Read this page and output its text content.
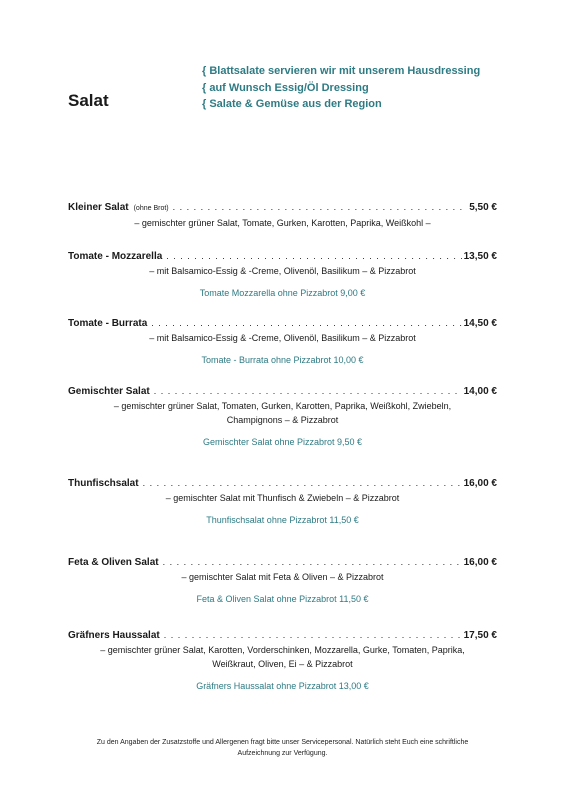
Salat
{ Blattsalate servieren wir mit unserem Hausdressing
{ auf Wunsch Essig/Öl Dressing
{ Salate & Gemüse aus der Region
Kleiner Salat (ohne Brot) . . .	5,50 €
– gemischter grüner Salat, Tomate, Gurken, Karotten, Paprika, Weißkohl –
Tomate - Mozzarella . . .	13,50 €
– mit Balsamico-Essig & -Creme, Olivenöl, Basilikum – & Pizzabrot
Tomate Mozzarella ohne Pizzabrot 9,00 €
Tomate - Burrata . . .	14,50 €
– mit Balsamico-Essig & -Creme, Olivenöl, Basilikum – & Pizzabrot
Tomate - Burrata ohne Pizzabrot 10,00 €
Gemischter Salat . . .	14,00 €
– gemischter grüner Salat, Tomaten, Gurken, Karotten, Paprika, Weißkohl, Zwiebeln, Champignons – & Pizzabrot
Gemischter Salat ohne Pizzabrot 9,50 €
Thunfischsalat . . .	16,00 €
– gemischter Salat mit Thunfisch & Zwiebeln – & Pizzabrot
Thunfischsalat ohne Pizzabrot 11,50 €
Feta & Oliven Salat . . .	16,00 €
– gemischter Salat mit Feta & Oliven – & Pizzabrot
Feta & Oliven Salat ohne Pizzabrot 11,50 €
Gräfners Haussalat . . .	17,50 €
– gemischter grüner Salat, Karotten, Vorderschinken, Mozzarella, Gurke, Tomaten, Paprika, Weißkraut, Oliven, Ei – & Pizzabrot
Gräfners Haussalat ohne Pizzabrot 13,00 €
Zu den Angaben der Zusatzstoffe und Allergenen fragt bitte unser Servicepersonal. Natürlich steht Euch eine schriftliche Aufzeichnung zur Verfügung.
